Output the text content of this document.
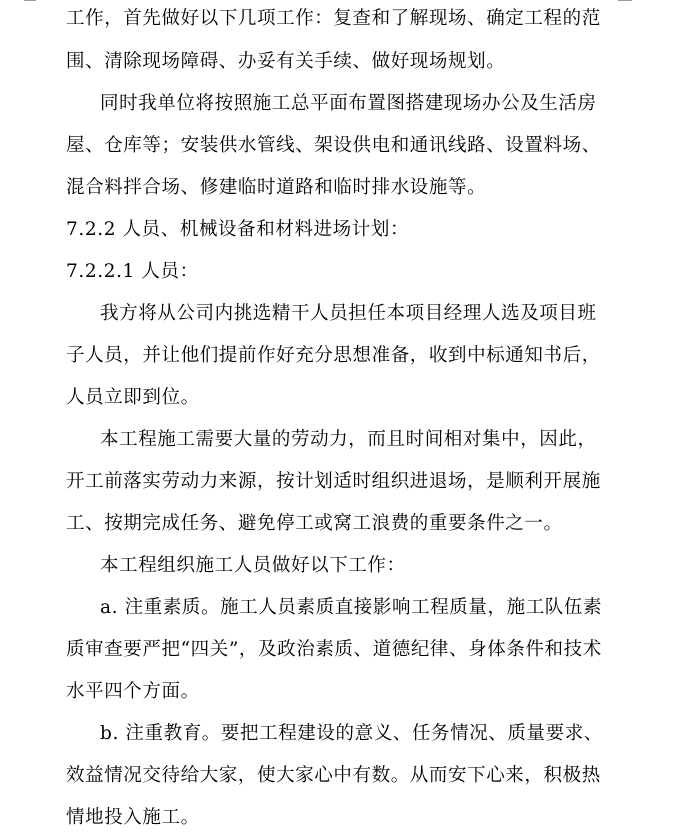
工作，首先做好以下几项工作：复查和了解现场、确定工程的范
围、清除现场障碍、办妥有关手续、做好现场规划。
同时我单位将按照施工总平面布置图搭建现场办公及生活房
屋、仓库等；安装供水管线、架设供电和通讯线路、设置料场、
混合料拌合场、修建临时道路和临时排水设施等。
7.2.2 人员、机械设备和材料进场计划：
7.2.2.1 人员：
我方将从公司内挑选精干人员担任本项目经理人选及项目班
子人员，并让他们提前作好充分思想准备，收到中标通知书后，
人员立即到位。
本工程施工需要大量的劳动力，而且时间相对集中，因此，
开工前落实劳动力来源，按计划适时组织进退场，是顺利开展施
工、按期完成任务、避免停工或窝工浪费的重要条件之一。
本工程组织施工人员做好以下工作：
a. 注重素质。施工人员素质直接影响工程质量，施工队伍素
质审查要严把“四关”，及政治素质、道德纪律、身体条件和技术
水平四个方面。
b. 注重教育。要把工程建设的意义、任务情况、质量要求、
效益情况交待给大家，使大家心中有数。从而安下心来，积极热
情地投入施工。
